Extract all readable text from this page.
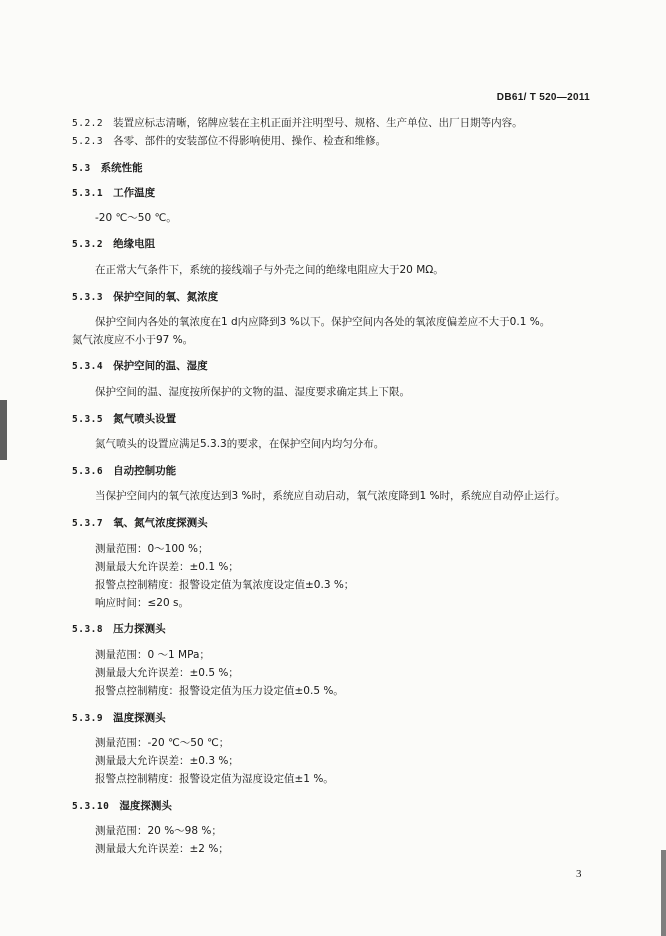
DB61/ T 520—2011
5.2.2 装置应标志清晰，铭牌应装在主机正面并注明型号、规格、生产单位、出厂日期等内容。
5.2.3 各零、部件的安装部位不得影响使用、操作、检查和维修。
5.3 系统性能
5.3.1 工作温度
-20 ℃～50 ℃。
5.3.2 绝缘电阻
在正常大气条件下，系统的接线端子与外壳之间的绝缘电阻应大于20 MΩ。
5.3.3 保护空间的氧、氮浓度
保护空间内各处的氧浓度在1 d内应降到3 %以下。保护空间内各处的氧浓度偏差应不大于0.1 %。
氮气浓度应不小于97 %。
5.3.4 保护空间的温、湿度
保护空间的温、湿度按所保护的文物的温、湿度要求确定其上下限。
5.3.5 氮气喷头设置
氮气喷头的设置应满足5.3.3的要求，在保护空间内均匀分布。
5.3.6 自动控制功能
当保护空间内的氧气浓度达到3 %时，系统应自动启动，氧气浓度降到1 %时，系统应自动停止运行。
5.3.7 氧、氮气浓度探测头
测量范围：0～100 %；
测量最大允许误差：±0.1 %；
报警点控制精度：报警设定值为氧浓度设定值±0.3 %；
响应时间：≤20 s。
5.3.8 压力探测头
测量范围：0 ～1 MPa；
测量最大允许误差：±0.5 %；
报警点控制精度：报警设定值为压力设定值±0.5 %。
5.3.9 温度探测头
测量范围：-20 ℃～50 ℃；
测量最大允许误差：±0.3 %；
报警点控制精度：报警设定值为湿度设定值±1 %。
5.3.10 湿度探测头
测量范围：20 %～98 %；
测量最大允许误差：±2 %；
3
